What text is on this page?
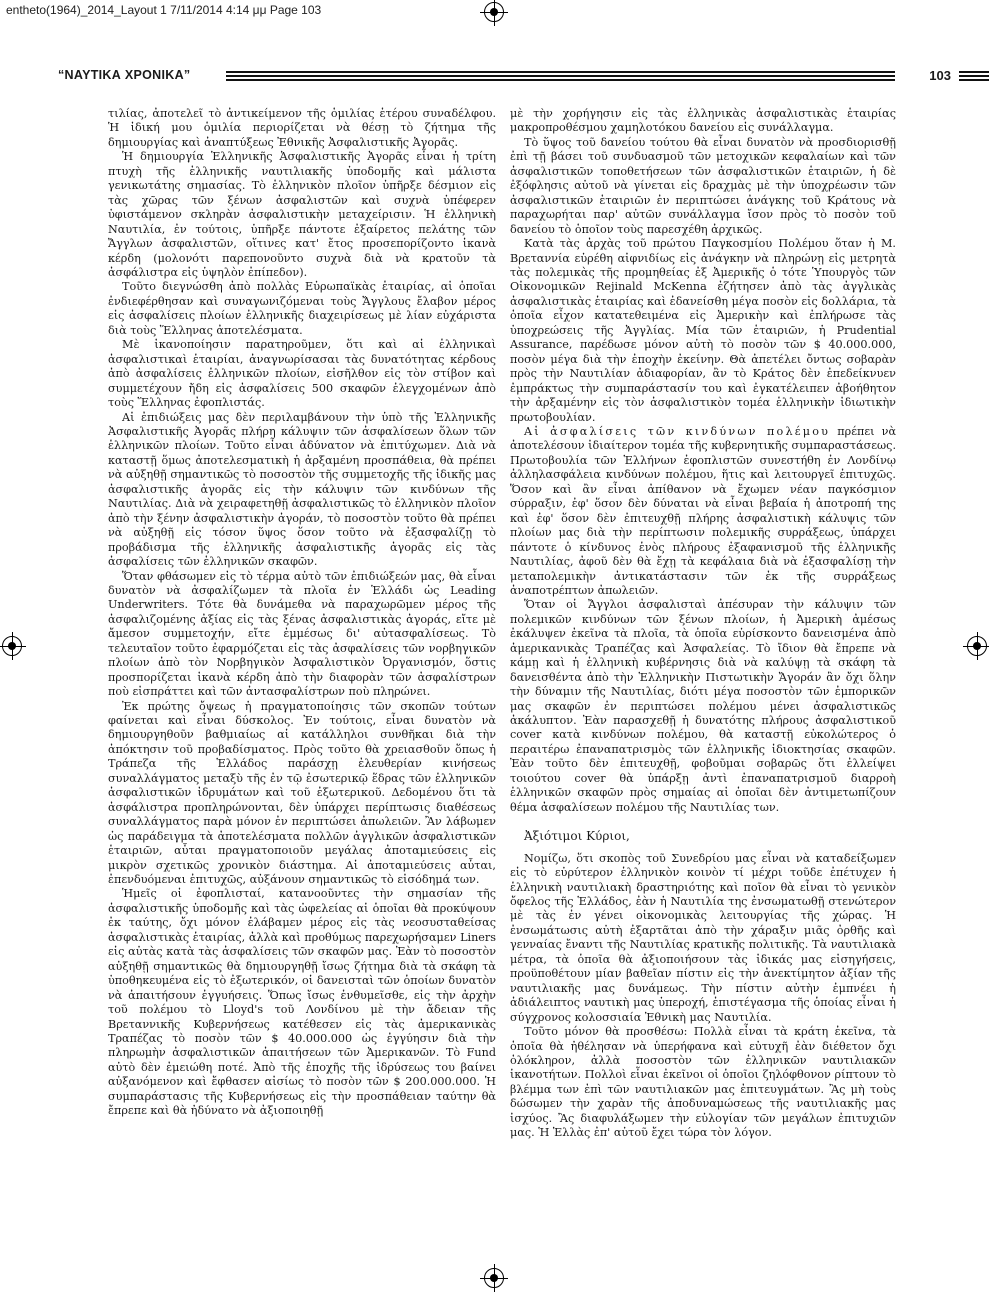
entheto(1964)_2014_Layout 1 7/11/2014 4:14 μμ Page 103
“ΝΑΥΤΙΚΑ ΧΡΟΝΙΚΑ”	103

τιλίας, ἀποτελεῖ τὸ ἀντικείμενον τῆς ὁμιλίας ἑτέρου συναδέλφου. Ἡ ἰδική μου ὁμιλία περιορίζεται νὰ θέσῃ τὸ ζήτημα τῆς δημιουργίας καὶ ἀναπτύξεως Ἐθνικῆς Ἀσφαλιστικῆς Ἀγορᾶς.

Ἡ δημιουργία Ἑλληνικῆς Ἀσφαλιστικῆς Ἀγορᾶς εἶναι ἡ τρίτη πτυχὴ τῆς ἑλληνικῆς ναυτιλιακῆς ὑποδομῆς καὶ μάλιστα γενικωτάτης σημασίας. Τὸ ἑλληνικὸν πλοῖον ὑπῆρξε δέσμιον εἰς τὰς χῶρας τῶν ξένων ἀσφαλιστῶν καὶ συχνὰ ὑπέφερεν ὑφιστάμενον σκληρὰν ἀσφαλιστικὴν μεταχείρισιν. Ἡ ἑλληνικὴ Ναυτιλία, ἐν τούτοις, ὑπῆρξε πάντοτε ἐξαίρετος πελάτης τῶν Ἄγγλων ἀσφαλιστῶν, οἵτινες κατ' ἔτος προσεπορίζοντο ἱκανὰ κέρδη (μολονότι παρεπονοῦντο συχνὰ διὰ νὰ κρατοῦν τὰ ἀσφάλιστρα εἰς ὑψηλὸν ἐπίπεδον).

Τοῦτο διεγνώσθη ἀπὸ πολλὰς Εὐρωπαϊκὰς ἑταιρίας, αἱ ὁποῖαι ἐνδιεφέρθησαν καὶ συναγωνιζόμεναι τοὺς Ἄγγλους ἔλαβον μέρος εἰς ἀσφαλίσεις πλοίων ἑλληνικῆς διαχειρίσεως μὲ λίαν εὐχάριστα διὰ τοὺς Ἕλληνας ἀποτελέσματα.

Μὲ ἱκανοποίησιν παρατηροῦμεν, ὅτι καὶ αἱ ἑλληνικαὶ ἀσφαλιστικαὶ ἑταιρίαι, ἀναγνωρίσασαι τὰς δυνατότητας κέρδους ἀπὸ ἀσφαλίσεις ἑλληνικῶν πλοίων, εἰσῆλθον εἰς τὸν στίβον καὶ συμμετέχουν ἤδη εἰς ἀσφαλίσεις 500 σκαφῶν ἐλεγχομένων ἀπὸ τοὺς Ἕλληνας ἐφοπλιστάς.

Αἱ ἐπιδιώξεις μας δὲν περιλαμβάνουν τὴν ὑπὸ τῆς Ἑλληνικῆς Ἀσφαλιστικῆς Ἀγορᾶς πλήρη κάλυψιν τῶν ἀσφαλίσεων ὅλων τῶν ἑλληνικῶν πλοίων. Τοῦτο εἶναι ἀδύνατον νὰ ἐπιτύχωμεν. Διὰ νὰ καταστῇ ὅμως ἀποτελεσματικὴ ἡ ἀρξαμένη προσπάθεια, θὰ πρέπει νὰ αὐξηθῇ σημαντικῶς τὸ ποσοστὸν τῆς συμμετοχῆς τῆς ἰδικῆς μας ἀσφαλιστικῆς ἀγορᾶς εἰς τὴν κάλυψιν τῶν κινδύνων τῆς Ναυτιλίας. Διὰ νὰ χειραφετηθῇ ἀσφαλιστικῶς τὸ ἑλληνικὸν πλοῖον ἀπὸ τὴν ξένην ἀσφαλιστικὴν ἀγοράν, τὸ ποσοστὸν τοῦτο θὰ πρέπει νὰ αὐξηθῇ εἰς τόσον ὕψος ὅσον τοῦτο νὰ ἐξασφαλίζῃ τὸ προβάδισμα τῆς ἑλληνικῆς ἀσφαλιστικῆς ἀγορᾶς εἰς τὰς ἀσφαλίσεις τῶν ἑλληνικῶν σκαφῶν.

Ὅταν φθάσωμεν εἰς τὸ τέρμα αὐτὸ τῶν ἐπιδιώξεών μας, θὰ εἶναι δυνατὸν νὰ ἀσφαλίζωμεν τὰ πλοῖα ἐν Ἑλλάδι ὡς Leading Underwriters. Τότε θὰ δυνάμεθα νὰ παραχωρῶμεν μέρος τῆς ἀσφαλιζομένης ἀξίας εἰς τὰς ξένας ἀσφαλιστικὰς ἀγοράς, εἴτε μὲ ἄμεσον συμμετοχήν, εἴτε ἐμμέσως δι' αὐτασφαλίσεως. Τὸ τελευταῖον τοῦτο ἐφαρμόζεται εἰς τὰς ἀσφαλίσεις τῶν νορβηγικῶν πλοίων ἀπὸ τὸν Νορβηγικὸν Ἀσφαλιστικὸν Ὀργανισμόν, ὅστις προσπορίζεται ἱκανὰ κέρδη ἀπὸ τὴν διαφορὰν τῶν ἀσφαλίστρων ποὺ εἰσπράττει καὶ τῶν ἀντασφαλίστρων ποὺ πληρώνει.

Ἐκ πρώτης ὄψεως ἡ πραγματοποίησις τῶν σκοπῶν τούτων φαίνεται καὶ εἶναι δύσκολος. Ἐν τούτοις, εἶναι δυνατὸν νὰ δημιουργηθοῦν βαθμιαίως αἱ κατάλληλοι συνθῆκαι διὰ τὴν ἀπόκτησιν τοῦ προβαδίσματος. Πρὸς τοῦτο θὰ χρειασθοῦν ὅπως ἡ Τράπεζα τῆς Ἑλλάδος παράσχῃ ἐλευθερίαν κινήσεως συναλλάγματος μεταξὺ τῆς ἐν τῷ ἐσωτερικῷ ἕδρας τῶν ἑλληνικῶν ἀσφαλιστικῶν ἰδρυμάτων καὶ τοῦ ἐξωτερικοῦ. Δεδομένου ὅτι τὰ ἀσφάλιστρα προπληρώνονται, δὲν ὑπάρχει περίπτωσις διαθέσεως συναλλάγματος παρὰ μόνον ἐν περιπτώσει ἀπωλειῶν. Ἂν λάβωμεν ὡς παράδειγμα τὰ ἀποτελέσματα πολλῶν ἀγγλικῶν ἀσφαλιστικῶν ἑταιριῶν, αὗται πραγματοποιοῦν μεγάλας ἀποταμιεύσεις εἰς μικρὸν σχετικῶς χρονικὸν διάστημα. Αἱ ἀποταμιεύσεις αὗται, ἐπενδυόμεναι ἐπιτυχῶς, αὐξάνουν σημαντικῶς τὸ εἰσόδημά των.

Ἡμεῖς οἱ ἐφοπλισταί, κατανοοῦντες τὴν σημασίαν τῆς ἀσφαλιστικῆς ὑποδομῆς καὶ τὰς ὠφελείας αἱ ὁποῖαι θὰ προκύψουν ἐκ ταύτης, ὄχι μόνον ἐλάβαμεν μέρος εἰς τὰς νεοσυσταθείσας ἀσφαλιστικὰς ἑταιρίας, ἀλλὰ καὶ προθύμως παρεχωρήσαμεν Liners εἰς αὐτὰς κατὰ τὰς ἀσφαλίσεις τῶν σκαφῶν μας. Ἐὰν τὸ ποσοστὸν αὐξηθῇ σημαντικῶς θὰ δημιουργηθῇ ἴσως ζήτημα διὰ τὰ σκάφη τὰ ὑποθηκευμένα εἰς τὸ ἐξωτερικόν, οἱ δανεισταὶ τῶν ὁποίων δυνατὸν νὰ ἀπαιτήσουν ἐγγυήσεις. Ὅπως ἴσως ἐνθυμεῖσθε, εἰς τὴν ἀρχὴν τοῦ πολέμου τὸ Lloyd's τοῦ Λονδίνου μὲ τὴν ἄδειαν τῆς Βρεταννικῆς Κυβερνήσεως κατέθεσεν εἰς τὰς ἀμερικανικὰς Τραπέζας τὸ ποσὸν τῶν $ 40.000.000 ὡς ἐγγύησιν διὰ τὴν πληρωμὴν ἀσφαλιστικῶν ἀπαιτήσεων τῶν Ἀμερικανῶν. Τὸ Fund αὐτὸ δὲν ἐμειώθη ποτέ. Ἀπὸ τῆς ἐποχῆς τῆς ἱδρύσεως του βαίνει αὐξανόμενον καὶ ἔφθασεν αἰσίως τὸ ποσὸν τῶν $ 200.000.000. Ἡ συμπαράστασις τῆς Κυβερνήσεως εἰς τὴν προσπάθειαν ταύτην θὰ ἔπρεπε καὶ θὰ ἠδύνατο νὰ ἀξιοποιηθῇ

μὲ τὴν χορήγησιν εἰς τὰς ἑλληνικὰς ἀσφαλιστικὰς ἑταιρίας μακροπροθέσμου χαμηλοτόκου δανείου εἰς συνάλλαγμα.

Τὸ ὕψος τοῦ δανείου τούτου θὰ εἶναι δυνατὸν νὰ προσδιορισθῇ ἐπὶ τῇ βάσει τοῦ συνδυασμοῦ τῶν μετοχικῶν κεφαλαίων καὶ τῶν ἀσφαλιστικῶν τοποθετήσεων τῶν ἀσφαλιστικῶν ἑταιριῶν, ἡ δὲ ἐξόφλησις αὐτοῦ νὰ γίνεται εἰς δραχμὰς μὲ τὴν ὑποχρέωσιν τῶν ἀσφαλιστικῶν ἑταιριῶν ἐν περιπτώσει ἀνάγκης τοῦ Κράτους νὰ παραχωρήται παρ' αὐτῶν συνάλλαγμα ἴσον πρὸς τὸ ποσὸν τοῦ δανείου τὸ ὁποῖον τοὺς παρεσχέθη ἀρχικῶς.

Κατὰ τὰς ἀρχὰς τοῦ πρώτου Παγκοσμίου Πολέμου ὅταν ἡ Μ. Βρεταννία εὑρέθη αἰφνιδίως εἰς ἀνάγκην νὰ πληρώνῃ εἰς μετρητὰ τὰς πολεμικὰς τῆς προμηθείας ἐξ Ἀμερικῆς ὁ τότε Ὑπουργὸς τῶν Οἰκονομικῶν Rejinald McKenna ἐζήτησεν ἀπὸ τὰς ἀγγλικὰς ἀσφαλιστικὰς ἑταιρίας καὶ ἐδανείσθη μέγα ποσὸν εἰς δολλάρια, τὰ ὁποῖα εἶχον κατατεθειμένα εἰς Ἀμερικὴν καὶ ἐπλήρωσε τὰς ὑποχρεώσεις τῆς Ἀγγλίας. Μία τῶν ἑταιριῶν, ἡ Prudential Assurance, παρέδωσε μόνον αὐτὴ τὸ ποσὸν τῶν $ 40.000.000, ποσὸν μέγα διὰ τὴν ἐποχὴν ἐκείνην. Θὰ ἀπετέλει ὄντως σοβαρὰν πρὸς τὴν Ναυτιλίαν ἀδιαφορίαν, ἂν τὸ Κράτος δὲν ἐπεδείκνυεν ἐμπράκτως τὴν συμπαράστασίν του καὶ ἐγκατέλειπεν ἀβοήθητον τὴν ἀρξαμένην εἰς τὸν ἀσφαλιστικὸν τομέα ἑλληνικὴν ἰδιωτικὴν πρωτοβουλίαν.

Αἱ ἀσφαλίσεις τῶν κινδύνων πολέμου πρέπει νὰ ἀποτελέσουν ἰδιαίτερον τομέα τῆς κυβερνητικῆς συμπαραστάσεως. Πρωτοβουλία τῶν Ἑλλήνων ἐφοπλιστῶν συνεστήθη ἐν Λονδίνῳ ἀλληλασφάλεια κινδύνων πολέμου, ἥτις καὶ λειτουργεῖ ἐπιτυχῶς. Ὅσον καὶ ἂν εἶναι ἀπίθανον νὰ ἔχωμεν νέαν παγκόσμιον σύρραξιν, ἐφ' ὅσον δὲν δύναται νὰ εἶναι βεβαία ἡ ἀποτροπή της καὶ ἐφ' ὅσον δὲν ἐπιτευχθῇ πλήρης ἀσφαλιστικὴ κάλυψις τῶν πλοίων μας διὰ τὴν περίπτωσιν πολεμικῆς συρράξεως, ὑπάρχει πάντοτε ὁ κίνδυνος ἑνὸς πλήρους ἐξαφανισμοῦ τῆς ἑλληνικῆς Ναυτιλίας, ἀφοῦ δὲν θὰ ἔχῃ τὰ κεφάλαια διὰ νὰ ἐξασφαλίσῃ τὴν μεταπολεμικὴν ἀντικατάστασιν τῶν ἐκ τῆς συρράξεως ἀναποτρέπτων ἀπωλειῶν.

Ὅταν οἱ Ἄγγλοι ἀσφαλισταὶ ἀπέσυραν τὴν κάλυψιν τῶν πολεμικῶν κινδύνων τῶν ξένων πλοίων, ἡ Ἀμερικὴ ἀμέσως ἐκάλυψεν ἐκεῖνα τὰ πλοῖα, τὰ ὁποῖα εὑρίσκοντο δανεισμένα ἀπὸ ἀμερικανικὰς Τραπέζας καὶ Ἀσφαλείας. Τὸ ἴδιον θὰ ἔπρεπε νὰ κάμῃ καὶ ἡ ἑλληνικὴ κυβέρνησις διὰ νὰ καλύψῃ τὰ σκάφη τὰ δανεισθέντα ἀπὸ τὴν Ἑλληνικὴν Πιστωτικὴν Ἄγοράν ἂν ὄχι ὅλην τὴν δύναμιν τῆς Ναυτιλίας, διότι μέγα ποσοστὸν τῶν ἐμπορικῶν μας σκαφῶν ἐν περιπτώσει πολέμου μένει ἀσφαλιστικῶς ἀκάλυπτον. Ἐὰν παρασχεθῇ ἡ δυνατότης πλήρους ἀσφαλιστικοῦ cover κατὰ κινδύνων πολέμου, θὰ καταστῇ εὐκολώτερος ὁ περαιτέρω ἐπαναπατρισμὸς τῶν ἑλληνικῆς ἰδιοκτησίας σκαφῶν. Ἐὰν τοῦτο δὲν ἐπιτευχθῇ, φοβοῦμαι σοβαρῶς ὅτι ἐλλείψει τοιούτου cover θὰ ὑπάρξῃ ἀντὶ ἐπαναπατρισμοῦ διαρροὴ ἑλληνικῶν σκαφῶν πρὸς σημαίας αἱ ὁποῖαι δὲν ἀντιμετωπίζουν θέμα ἀσφαλίσεων πολέμου τῆς Ναυτιλίας των.

Ἀξιότιμοι Κύριοι,

Νομίζω, ὅτι σκοπὸς τοῦ Συνεδρίου μας εἶναι νὰ καταδείξωμεν εἰς τὸ εὐρύτερον ἑλληνικὸν κοινὸν τί μέχρι τοῦδε ἐπέτυχεν ἡ ἑλληνικὴ ναυτιλιακὴ δραστηριότης καὶ ποῖον θὰ εἶναι τὸ γενικὸν ὄφελος τῆς Ἑλλάδος, ἐὰν ἡ Ναυτιλία της ἐνσωματωθῇ στενώτερον μὲ τὰς ἐν γένει οἰκονομικὰς λειτουργίας τῆς χώρας. Ἡ ἐνσωμάτωσις αὐτὴ ἐξαρτᾶται ἀπὸ τὴν χάραξιν μιᾶς ὀρθῆς καὶ γενναίας ἔναντι τῆς Ναυτιλίας κρατικῆς πολιτικῆς. Τὰ ναυτιλιακὰ μέτρα, τὰ ὁποῖα θὰ ἀξιοποιήσουν τὰς ἰδικάς μας εἰσηγήσεις, προϋποθέτουν μίαν βαθεῖαν πίστιν εἰς τὴν ἀνεκτίμητον ἀξίαν τῆς ναυτιλιακῆς μας δυνάμεως. Τὴν πίστιν αὐτὴν ἐμπνέει ἡ ἀδιάλειπτος ναυτικὴ μας ὑπεροχή, ἐπιστέγασμα τῆς ὁποίας εἶναι ἡ σύγχρονος κολοσσιαία Ἐθνικὴ μας Ναυτιλία.

Τοῦτο μόνον θὰ προσθέσω: Πολλὰ εἶναι τὰ κράτη ἐκεῖνα, τὰ ὁποῖα θὰ ἠθέλησαν νὰ ὑπερήφανα καὶ εὐτυχῆ ἐὰν διέθετον ὄχι ὁλόκληρον, ἀλλὰ ποσοστὸν τῶν ἑλληνικῶν ναυτιλιακῶν ἱκανοτήτων. Πολλοὶ εἶναι ἐκεῖνοι οἱ ὁποῖοι ζηλόφθονον ρίπτουν τὸ βλέμμα των ἐπὶ τῶν ναυτιλιακῶν μας ἐπιτευγμάτων. Ἂς μὴ τοὺς δώσωμεν τὴν χαρὰν τῆς ἀποδυναμώσεως τῆς ναυτιλιακῆς μας ἰσχύος. Ἂς διαφυλάξωμεν τὴν εὐλογίαν τῶν μεγάλων ἐπιτυχιῶν μας. Ἡ Ἑλλὰς ἐπ' αὐτοῦ ἔχει τώρα τὸν λόγον.
